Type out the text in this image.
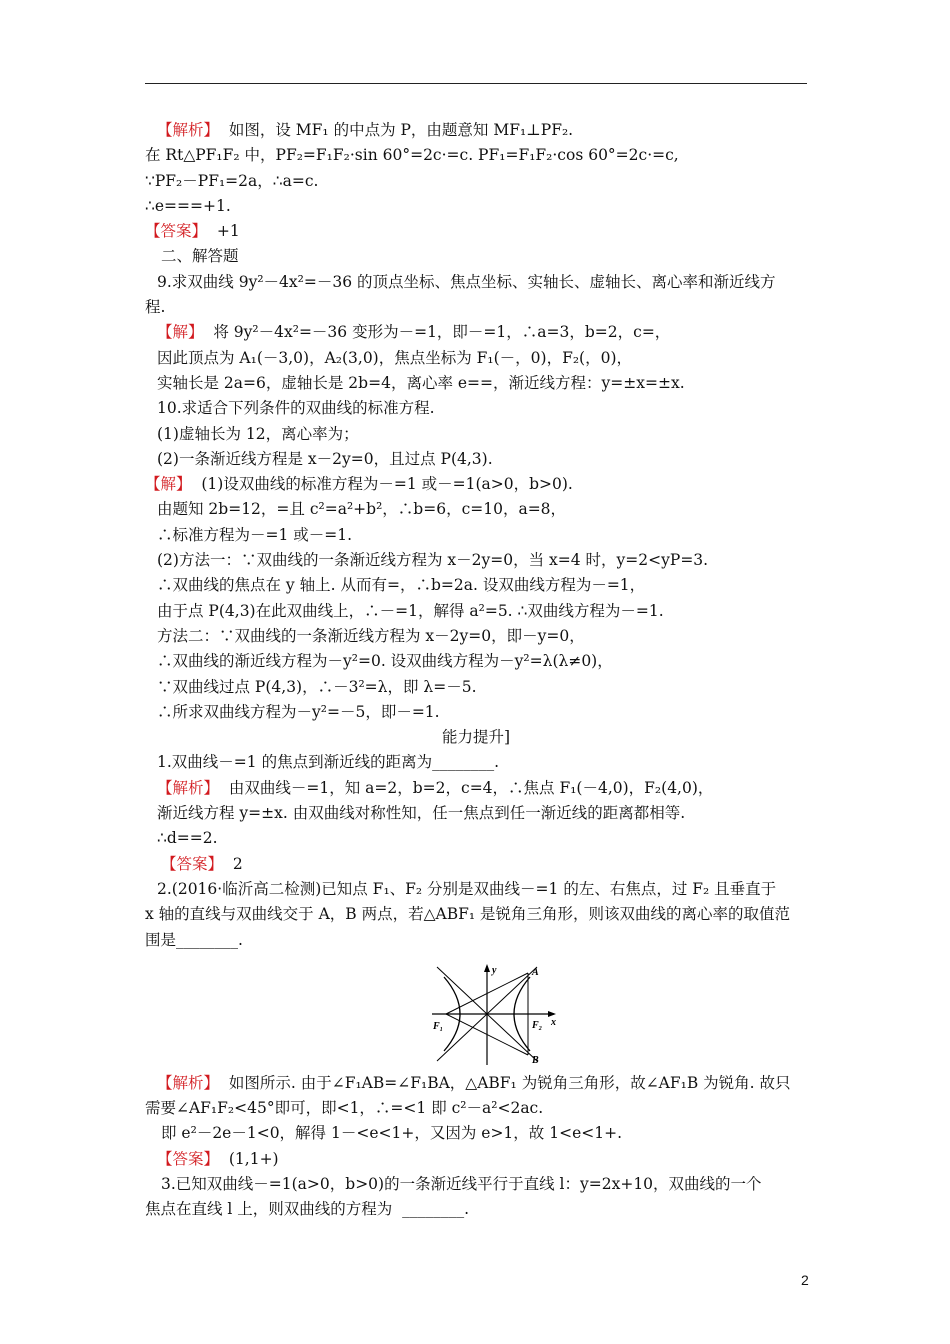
【解析】  如图，设 MF₁ 的中点为 P，由题意知 MF₁⊥PF₂.
在 Rt△PF₁F₂ 中，PF₂=F₁F₂·sin 60°=2c·=c. PF₁=F₁F₂·cos 60°=2c·=c,
∵PF₂－PF₁=2a，∴a=c.
∴e===+1.
【答案】  +1
二、解答题
9.求双曲线 9y²－4x²=－36 的顶点坐标、焦点坐标、实轴长、虚轴长、离心率和渐近线方
程.
【解】  将 9y²－4x²=－36 变形为－=1，即－=1，∴a=3，b=2，c=，
因此顶点为 A₁(－3,0)，A₂(3,0)，焦点坐标为 F₁(－，0)，F₂(，0)，
实轴长是 2a=6，虚轴长是 2b=4，离心率 e==，渐近线方程：y=±x=±x.
10.求适合下列条件的双曲线的标准方程.
(1)虚轴长为 12，离心率为；
(2)一条渐近线方程是 x－2y=0，且过点 P(4,3).
【解】  (1)设双曲线的标准方程为－=1 或－=1(a>0，b>0).
由题知 2b=12，=且 c²=a²+b²，∴b=6，c=10，a=8，
∴标准方程为－=1 或－=1.
(2)方法一：∵双曲线的一条渐近线方程为 x－2y=0，当 x=4 时，y=2<yP=3.
∴双曲线的焦点在 y 轴上. 从而有=，∴b=2a. 设双曲线方程为－=1，
由于点 P(4,3)在此双曲线上，∴－=1，解得 a²=5. ∴双曲线方程为－=1.
方法二：∵双曲线的一条渐近线方程为 x－2y=0，即－y=0，
∴双曲线的渐近线方程为－y²=0. 设双曲线方程为－y²=λ(λ≠0)，
∵双曲线过点 P(4,3)，∴－3²=λ，即 λ=－5.
∴所求双曲线方程为－y²=－5，即－=1.
能力提升]
1.双曲线－=1 的焦点到渐近线的距离为________.
【解析】  由双曲线－=1，知 a=2，b=2，c=4，∴焦点 F₁(－4,0)，F₂(4,0)，
渐近线方程 y=±x. 由双曲线对称性知，任一焦点到任一渐近线的距离都相等.
∴d==2.
【答案】  2
2.(2016·临沂高二检测)已知点 F₁、F₂ 分别是双曲线－=1 的左、右焦点，过 F₂ 且垂直于
x 轴的直线与双曲线交于 A，B 两点，若△ABF₁ 是锐角三角形，则该双曲线的离心率的取值范
围是________.
y
x
A
B
F₁	F₂
【解析】  如图所示. 由于∠F₁AB=∠F₁BA，△ABF₁ 为锐角三角形，故∠AF₁B 为锐角. 故只
需要∠AF₁F₂<45°即可，即<1，∴=<1 即 c²－a²<2ac.
即 e²－2e－1<0，解得 1－<e<1+，又因为 e>1，故 1<e<1+.
【答案】  (1,1+)
3.已知双曲线－=1(a>0，b>0)的一条渐近线平行于直线 l：y=2x+10，双曲线的一个
焦点在直线 l 上，则双曲线的方程为  ________.
2
